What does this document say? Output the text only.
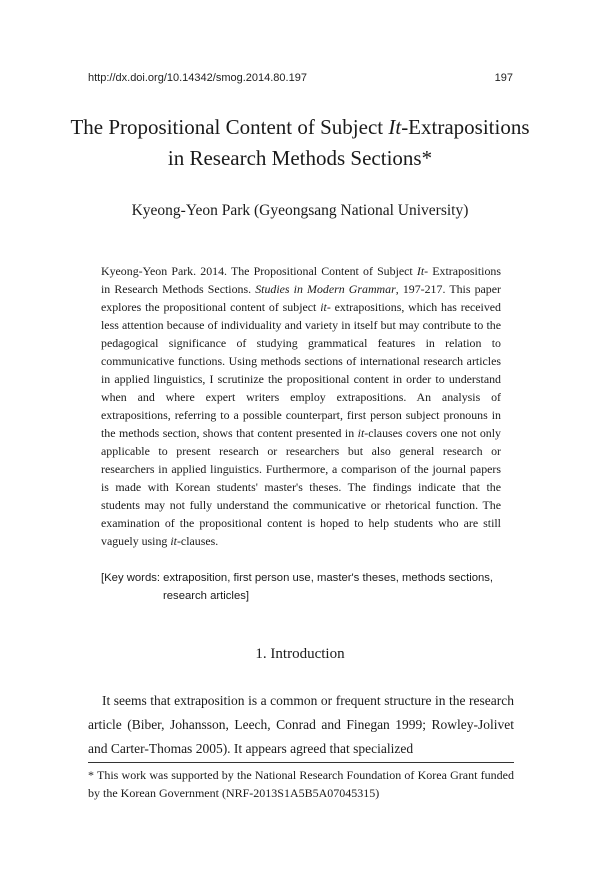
http://dx.doi.org/10.14342/smog.2014.80.197	197
The Propositional Content of Subject It-Extrapositions
in Research Methods Sections*
Kyeong-Yeon Park (Gyeongsang National University)
Kyeong-Yeon Park. 2014. The Propositional Content of Subject It- Extrapositions in Research Methods Sections. Studies in Modern Grammar, 197-217. This paper explores the propositional content of subject it- extrapositions, which has received less attention because of individuality and variety in itself but may contribute to the pedagogical significance of studying grammatical features in relation to communicative functions. Using methods sections of international research articles in applied linguistics, I scrutinize the propositional content in order to understand when and where expert writers employ extrapositions. An analysis of extrapositions, referring to a possible counterpart, first person subject pronouns in the methods section, shows that content presented in it-clauses covers one not only applicable to present research or researchers but also general research or researchers in applied linguistics. Furthermore, a comparison of the journal papers is made with Korean students' master's theses. The findings indicate that the students may not fully understand the communicative or rhetorical function. The examination of the propositional content is hoped to help students who are still vaguely using it-clauses.
[Key words: extraposition, first person use, master's theses, methods sections,
research articles]
1. Introduction

It seems that extraposition is a common or frequent structure in the research article (Biber, Johansson, Leech, Conrad and Finegan 1999; Rowley-Jolivet and Carter-Thomas 2005). It appears agreed that specialized

* This work was supported by the National Research Foundation of Korea Grant funded by the Korean Government (NRF-2013S1A5B5A07045315)
